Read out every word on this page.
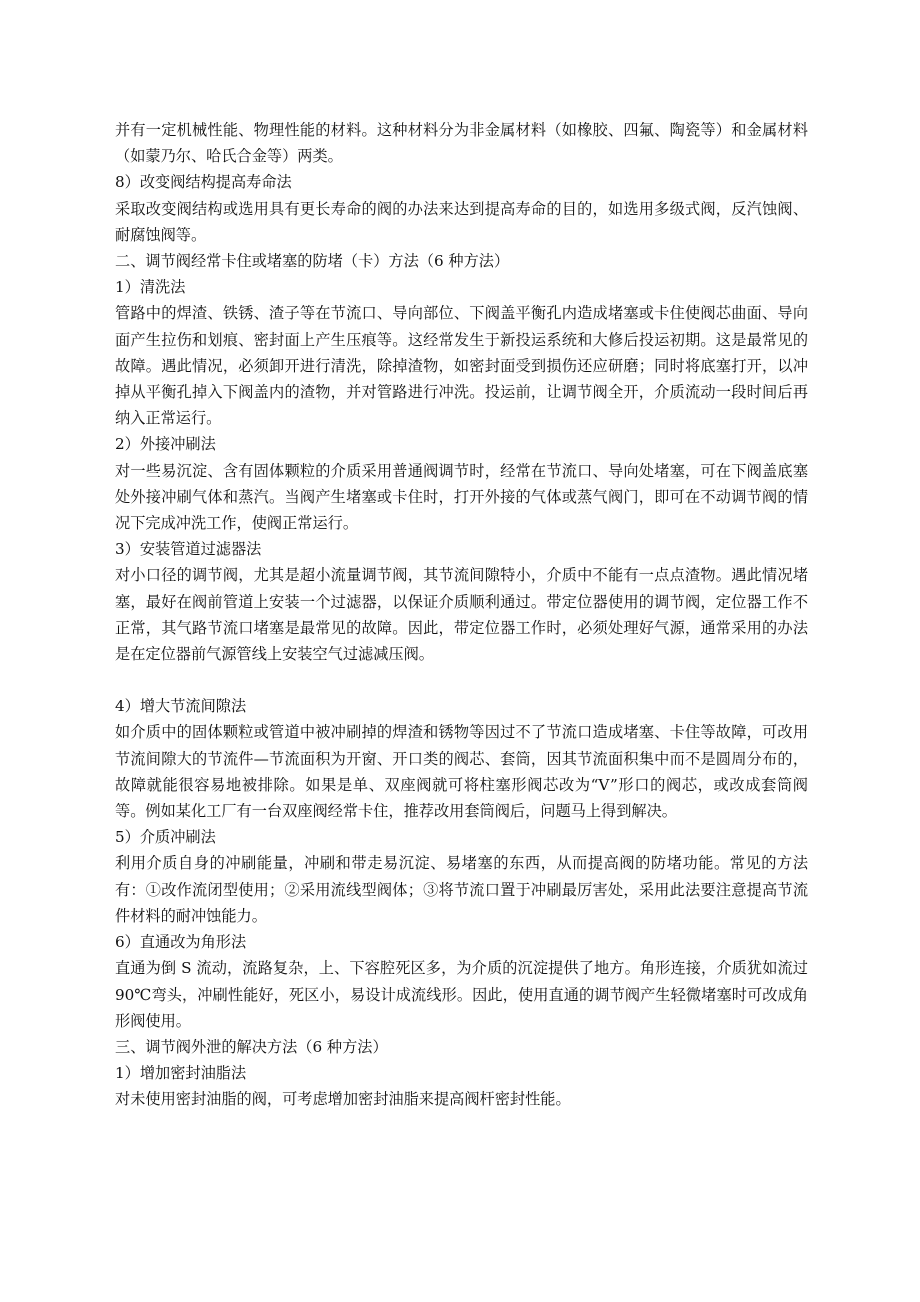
并有一定机械性能、物理性能的材料。这种材料分为非金属材料（如橡胶、四氟、陶瓷等）和金属材料（如蒙乃尔、哈氏合金等）两类。

8）改变阀结构提高寿命法

采取改变阀结构或选用具有更长寿命的阀的办法来达到提高寿命的目的，如选用多级式阀，反汽蚀阀、耐腐蚀阀等。

二、调节阀经常卡住或堵塞的防堵（卡）方法（6 种方法）

1）清洗法

管路中的焊渣、铁锈、渣子等在节流口、导向部位、下阀盖平衡孔内造成堵塞或卡住使阀芯曲面、导向面产生拉伤和划痕、密封面上产生压痕等。这经常发生于新投运系统和大修后投运初期。这是最常见的故障。遇此情况，必须卸开进行清洗，除掉渣物，如密封面受到损伤还应研磨；同时将底塞打开，以冲掉从平衡孔掉入下阀盖内的渣物，并对管路进行冲洗。投运前，让调节阀全开，介质流动一段时间后再纳入正常运行。

2）外接冲刷法

对一些易沉淀、含有固体颗粒的介质采用普通阀调节时，经常在节流口、导向处堵塞，可在下阀盖底塞处外接冲刷气体和蒸汽。当阀产生堵塞或卡住时，打开外接的气体或蒸气阀门，即可在不动调节阀的情况下完成冲洗工作，使阀正常运行。

3）安装管道过滤器法

对小口径的调节阀，尤其是超小流量调节阀，其节流间隙特小，介质中不能有一点点渣物。遇此情况堵塞，最好在阀前管道上安装一个过滤器，以保证介质顺利通过。带定位器使用的调节阀，定位器工作不正常，其气路节流口堵塞是最常见的故障。因此，带定位器工作时，必须处理好气源，通常采用的办法是在定位器前气源管线上安装空气过滤减压阀。

4）增大节流间隙法

如介质中的固体颗粒或管道中被冲刷掉的焊渣和锈物等因过不了节流口造成堵塞、卡住等故障，可改用节流间隙大的节流件—节流面积为开窗、开口类的阀芯、套筒，因其节流面积集中而不是圆周分布的，故障就能很容易地被排除。如果是单、双座阀就可将柱塞形阀芯改为“V”形口的阀芯，或改成套筒阀等。例如某化工厂有一台双座阀经常卡住，推荐改用套筒阀后，问题马上得到解决。

5）介质冲刷法

利用介质自身的冲刷能量，冲刷和带走易沉淀、易堵塞的东西，从而提高阀的防堵功能。常见的方法有：①改作流闭型使用；②采用流线型阀体；③将节流口置于冲刷最厉害处，采用此法要注意提高节流件材料的耐冲蚀能力。

6）直通改为角形法

直通为倒 S 流动，流路复杂，上、下容腔死区多，为介质的沉淀提供了地方。角形连接，介质犹如流过 90℃弯头，冲刷性能好，死区小，易设计成流线形。因此，使用直通的调节阀产生轻微堵塞时可改成角形阀使用。

三、调节阀外泄的解决方法（6 种方法）

1）增加密封油脂法

对未使用密封油脂的阀，可考虑增加密封油脂来提高阀杆密封性能。
